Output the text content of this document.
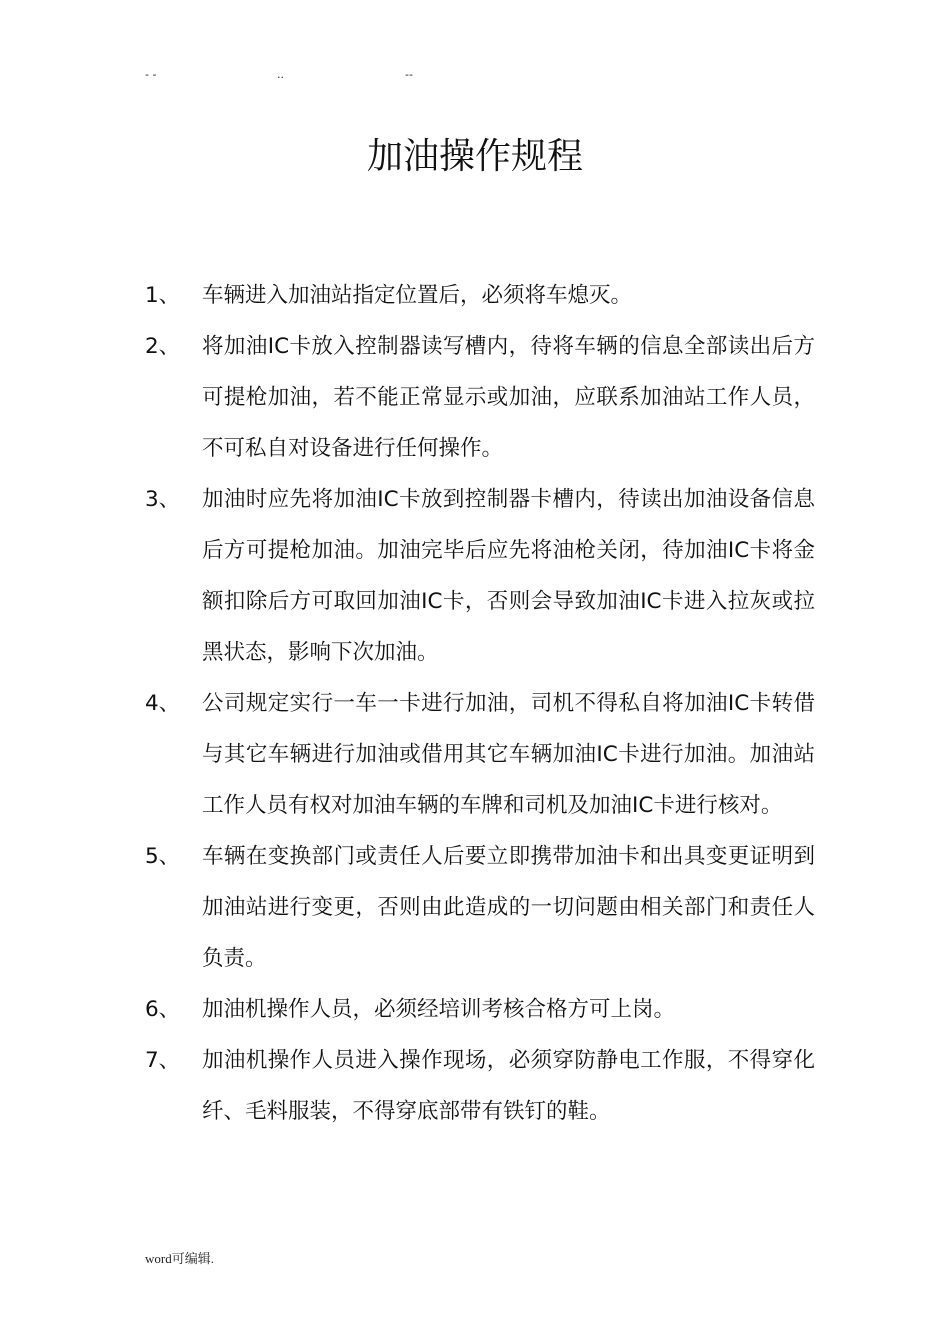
- -	..	--
加油操作规程
1、	车辆进入加油站指定位置后，必须将车熄灭。
2、	将加油IC卡放入控制器读写槽内，待将车辆的信息全部读出后方可提枪加油，若不能正常显示或加油，应联系加油站工作人员，不可私自对设备进行任何操作。
3、	加油时应先将加油IC卡放到控制器卡槽内，待读出加油设备信息后方可提枪加油。加油完毕后应先将油枪关闭，待加油IC卡将金额扣除后方可取回加油IC卡，否则会导致加油IC卡进入拉灰或拉黑状态，影响下次加油。
4、	公司规定实行一车一卡进行加油，司机不得私自将加油IC卡转借与其它车辆进行加油或借用其它车辆加油IC卡进行加油。加油站工作人员有权对加油车辆的车牌和司机及加油IC卡进行核对。
5、	车辆在变换部门或责任人后要立即携带加油卡和出具变更证明到加油站进行变更，否则由此造成的一切问题由相关部门和责任人负责。
6、	加油机操作人员，必须经培训考核合格方可上岗。
7、	加油机操作人员进入操作现场，必须穿防静电工作服，不得穿化纤、毛料服装，不得穿底部带有铁钉的鞋。
word可编辑.
